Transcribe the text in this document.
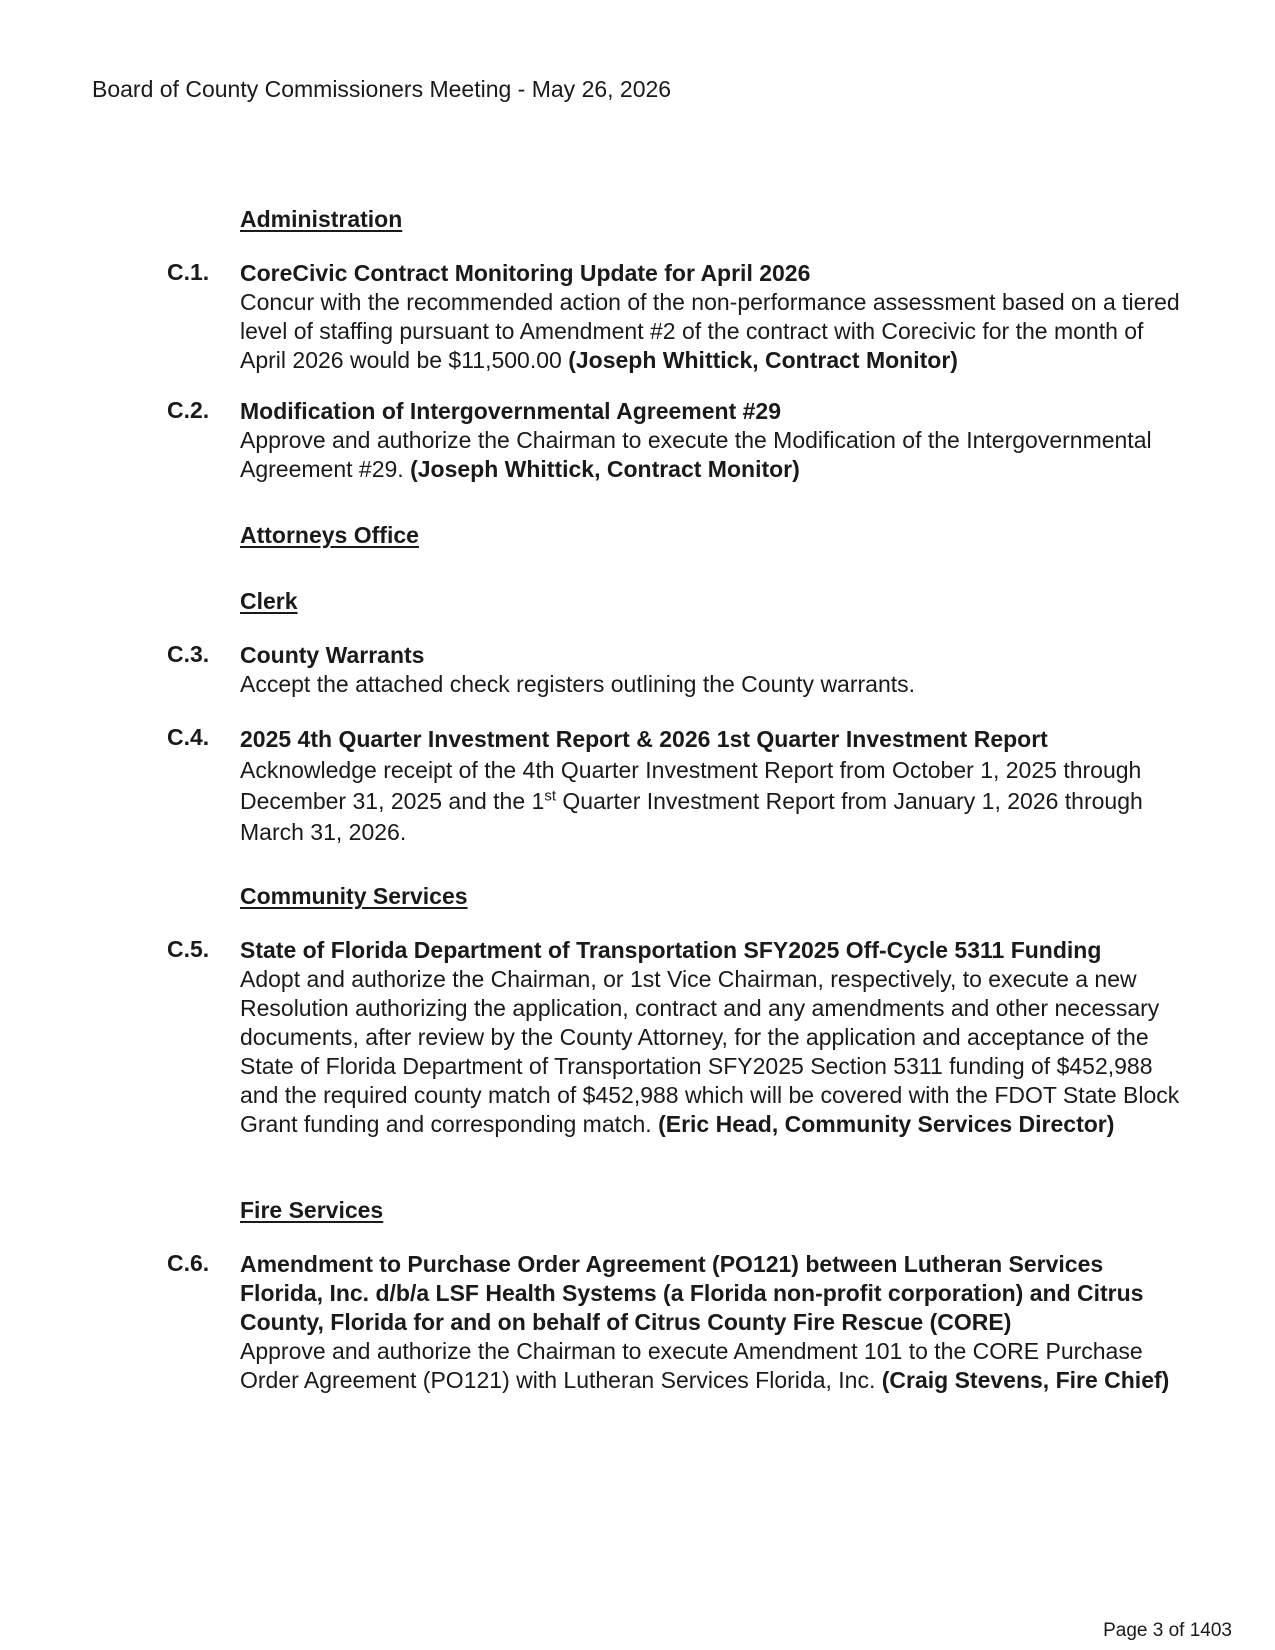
Board of County Commissioners Meeting - May 26, 2026
Administration
C.1. CoreCivic Contract Monitoring Update for April 2026
Concur with the recommended action of the non-performance assessment based on a tiered level of staffing pursuant to Amendment #2 of the contract with Corecivic for the month of April 2026 would be $11,500.00 (Joseph Whittick, Contract Monitor)
C.2. Modification of Intergovernmental Agreement #29
Approve and authorize the Chairman to execute the Modification of the Intergovernmental Agreement #29. (Joseph Whittick, Contract Monitor)
Attorneys Office
Clerk
C.3. County Warrants
Accept the attached check registers outlining the County warrants.
C.4. 2025 4th Quarter Investment Report & 2026 1st Quarter Investment Report
Acknowledge receipt of the 4th Quarter Investment Report from October 1, 2025 through December 31, 2025 and the 1st Quarter Investment Report from January 1, 2026 through March 31, 2026.
Community Services
C.5. State of Florida Department of Transportation SFY2025 Off-Cycle 5311 Funding
Adopt and authorize the Chairman, or 1st Vice Chairman, respectively, to execute a new Resolution authorizing the application, contract and any amendments and other necessary documents, after review by the County Attorney, for the application and acceptance of the State of Florida Department of Transportation SFY2025 Section 5311 funding of $452,988 and the required county match of $452,988 which will be covered with the FDOT State Block Grant funding and corresponding match. (Eric Head, Community Services Director)
Fire Services
C.6. Amendment to Purchase Order Agreement (PO121) between Lutheran Services Florida, Inc. d/b/a LSF Health Systems (a Florida non-profit corporation) and Citrus County, Florida for and on behalf of Citrus County Fire Rescue (CORE)
Approve and authorize the Chairman to execute Amendment 101 to the CORE Purchase Order Agreement (PO121) with Lutheran Services Florida, Inc. (Craig Stevens, Fire Chief)
Page 3 of 1403
